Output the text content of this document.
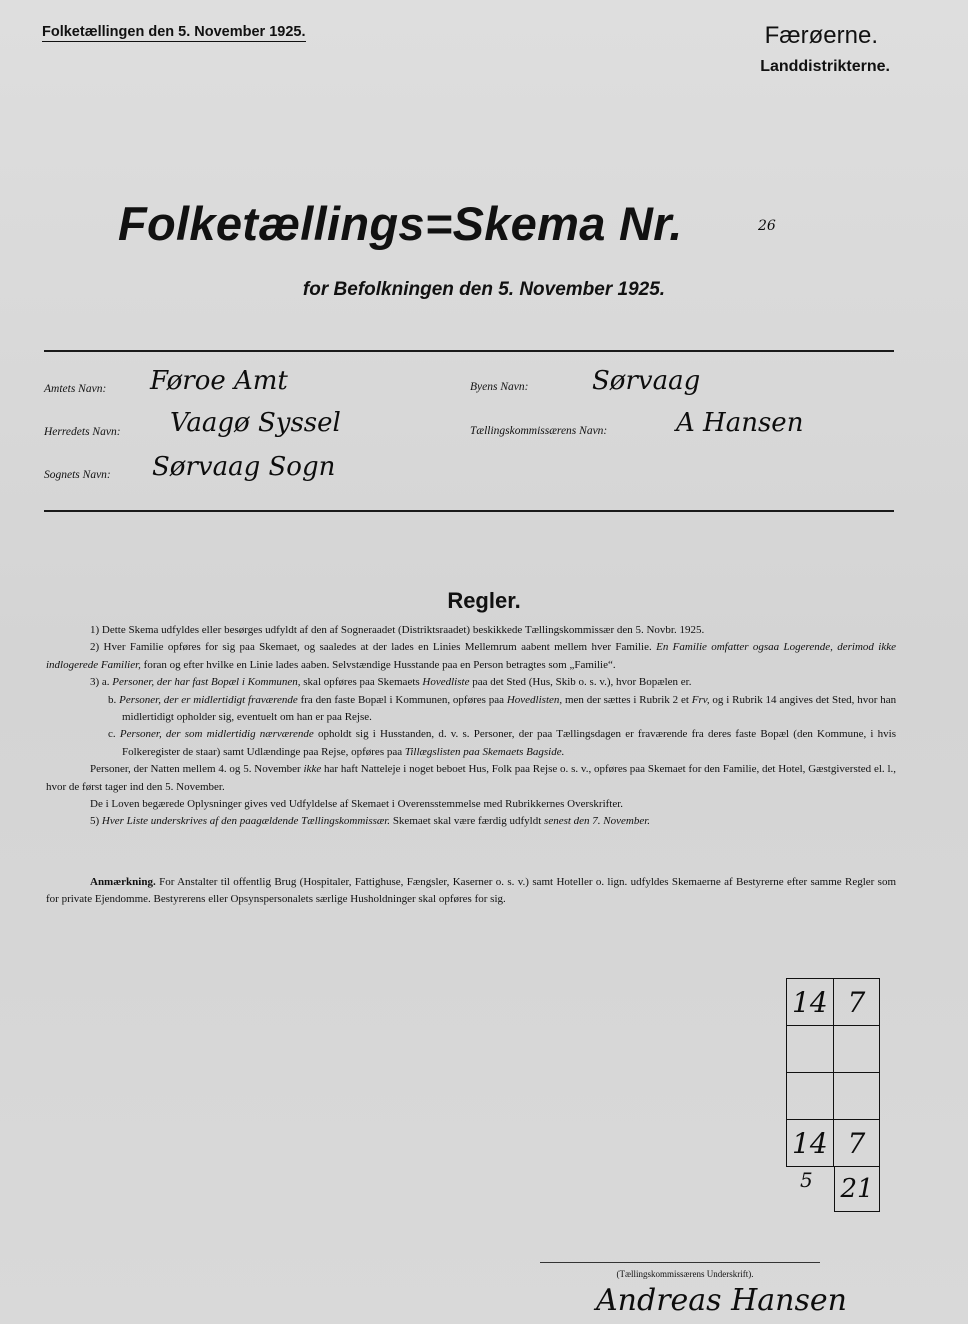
Folketællingen den 5. November 1925.	Færøerne.
Landdistrikterne.
Folketællings=Skema Nr.	26
for Befolkningen den 5. November 1925.
Amtets Navn: Føroe Amt	Byens Navn: Sørvaag
Herredets Navn: Vaagø Syssel	Tællingskommissærens Navn:	A Hansen
Sognets Navn: Sørvaag Sogn
Regler.

1) Dette Skema udfyldes eller besørges udfyldt af den af Sogneraadet (Distriktsraadet) beskikkede Tællingskommissær den 5. Novbr. 1925.

2) Hver Familie opføres for sig paa Skemaet, og saaledes at der lades en Linies Mellemrum aabent mellem hver Familie. En Familie omfatter ogsaa Logerende, derimod ikke indlogerede Familier, foran og efter hvilke en Linie lades aaben. Selvstændige Husstande paa en Person betragtes som „Familie“.

3) a. Personer, der har fast Bopæl i Kommunen, skal opføres paa Skemaets Hovedliste paa det Sted (Hus, Skib o. s. v.), hvor Bopælen er.

b. Personer, der er midlertidigt fraværende fra den faste Bopæl i Kommunen, opføres paa Hovedlisten, men der sættes i Rubrik 2 et Frv, og i Rubrik 14 angives det Sted, hvor han midlertidigt opholder sig, eventuelt om han er paa Rejse.

c. Personer, der som midlertidig nærværende opholdt sig i Husstanden, d. v. s. Personer, der paa Tællingsdagen er fraværende fra deres faste Bopæl (den Kommune, i hvis Folkeregister de staar) samt Udlændinge paa Rejse, opføres paa Tillægslisten paa Skemaets Bagside.

Personer, der Natten mellem 4. og 5. November ikke har haft Natteleje i noget beboet Hus, Folk paa Rejse o. s. v., opføres paa Skemaet for den Familie, det Hotel, Gæstgiversted el. l., hvor de først tager ind den 5. November.

De i Loven begærede Oplysninger gives ved Udfyldelse af Skemaet i Overensstemmelse med Rubrikkernes Overskrifter.

5) Hver Liste underskrives af den paagældende Tællingskommissær. Skemaet skal være færdig udfyldt senest den 7. November.

Anmærkning. For Anstalter til offentlig Brug (Hospitaler, Fattighuse, Fængsler, Kaserner o. s. v.) samt Hoteller o. lign. udfyldes Skemaerne af Bestyrerne efter samme Regler som for private Ejendomme. Bestyrerens eller Opsynspersonalets særlige Husholdninger skal opføres for sig.
14	7

14	7
5 21
(Tællingskommissærens Underskrift).
Andreas Hansen
